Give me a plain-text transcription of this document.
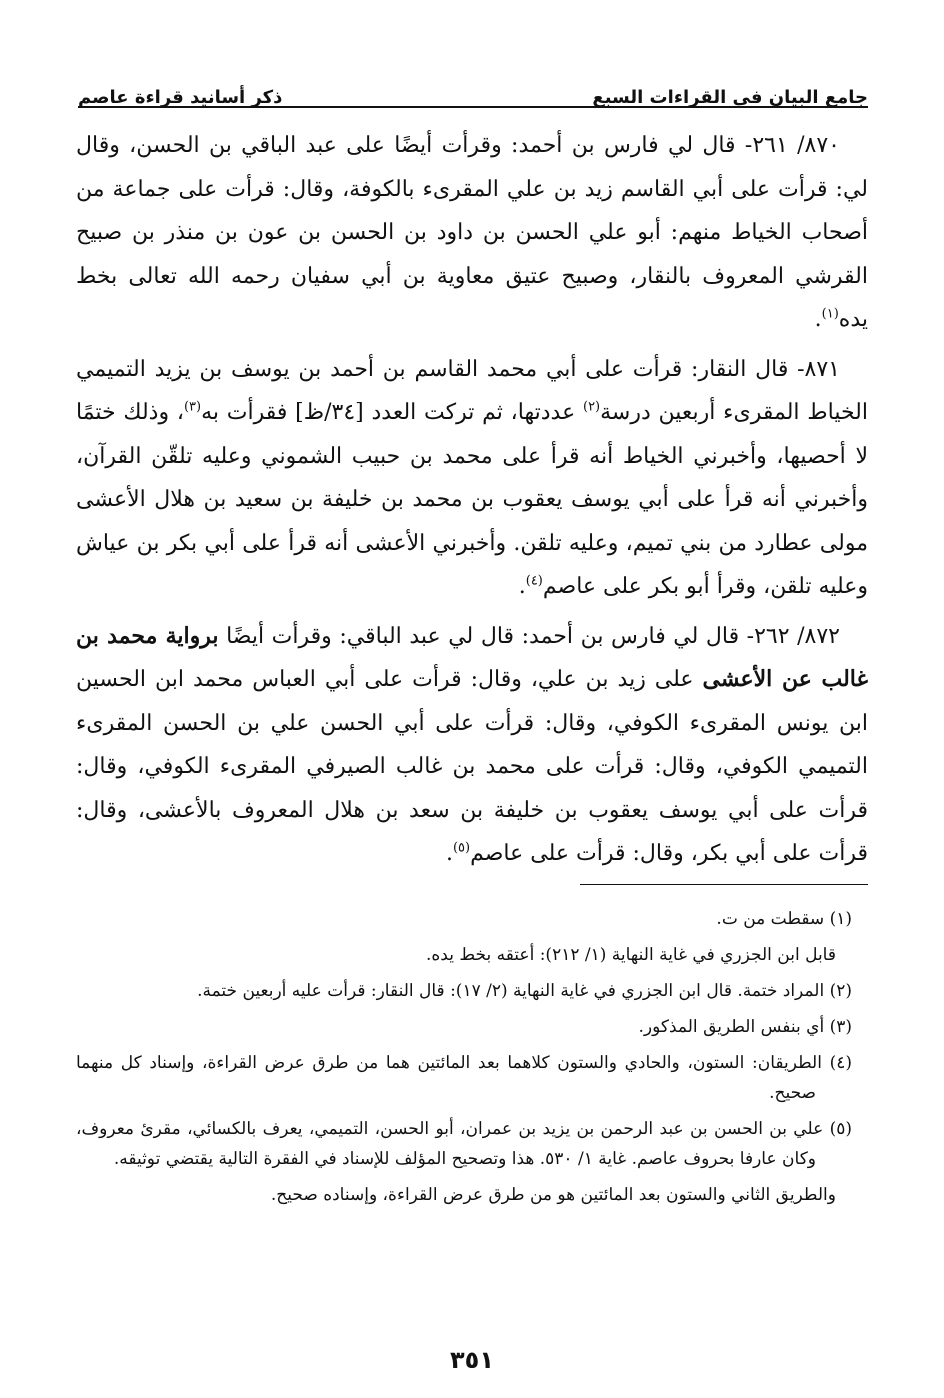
جامع البيان في القراءات السبع
ذكر أسانيد قراءة عاصم

٨٧٠/ ٢٦١- قال لي فارس بن أحمد: وقرأت أيضًا على عبد الباقي بن الحسن، وقال لي: قرأت على أبي القاسم زيد بن علي المقرىء بالكوفة، وقال: قرأت على جماعة من أصحاب الخياط منهم: أبو علي الحسن بن داود بن الحسن بن عون بن منذر بن صبيح القرشي المعروف بالنقار، وصبيح عتيق معاوية بن أبي سفيان رحمه الله تعالى بخط يده$^{(١)}$.

٨٧١- قال النقار: قرأت على أبي محمد القاسم بن أحمد بن يوسف بن يزيد التميمي الخياط المقرىء أربعين درسة$^{(٢)}$ عددتها، ثم تركت العدد [٣٤/ظ] فقرأت به$^{(٣)}$، وذلك ختمًا لا أحصيها، وأخبرني الخياط أنه قرأ على محمد بن حبيب الشموني وعليه تلقّن القرآن، وأخبرني أنه قرأ على أبي يوسف يعقوب بن محمد بن خليفة بن سعيد بن هلال الأعشى مولى عطارد من بني تميم، وعليه تلقن. وأخبرني الأعشى أنه قرأ على أبي بكر بن عياش وعليه تلقن، وقرأ أبو بكر على عاصم$^{(٤)}$.

٨٧٢/ ٢٦٢- قال لي فارس بن أحمد: قال لي عبد الباقي: وقرأت أيضًا برواية محمد بن غالب عن الأعشى على زيد بن علي، وقال: قرأت على أبي العباس محمد ابن الحسين ابن يونس المقرىء الكوفي، وقال: قرأت على أبي الحسن علي بن الحسن المقرىء التميمي الكوفي، وقال: قرأت على محمد بن غالب الصيرفي المقرىء الكوفي، وقال: قرأت على أبي يوسف يعقوب بن خليفة بن سعد بن هلال المعروف بالأعشى، وقال: قرأت على أبي بكر، وقال: قرأت على عاصم$^{(٥)}$.

(١) سقطت من ت.

قابل ابن الجزري في غاية النهاية (١/ ٢١٢): أعتقه بخط يده.

(٢) المراد ختمة. قال ابن الجزري في غاية النهاية (٢/ ١٧): قال النقار: قرأت عليه أربعين ختمة.

(٣) أي بنفس الطريق المذكور.

(٤) الطريقان: الستون، والحادي والستون كلاهما بعد المائتين هما من طرق عرض القراءة، وإسناد كل منهما صحيح.

(٥) علي بن الحسن بن عبد الرحمن بن يزيد بن عمران، أبو الحسن، التميمي، يعرف بالكسائي، مقرئ معروف، وكان عارفا بحروف عاصم. غاية ١/ ٥٣٠. هذا وتصحيح المؤلف للإسناد في الفقرة التالية يقتضي توثيقه.

والطريق الثاني والستون بعد المائتين هو من طرق عرض القراءة، وإسناده صحيح.

٣٥١
